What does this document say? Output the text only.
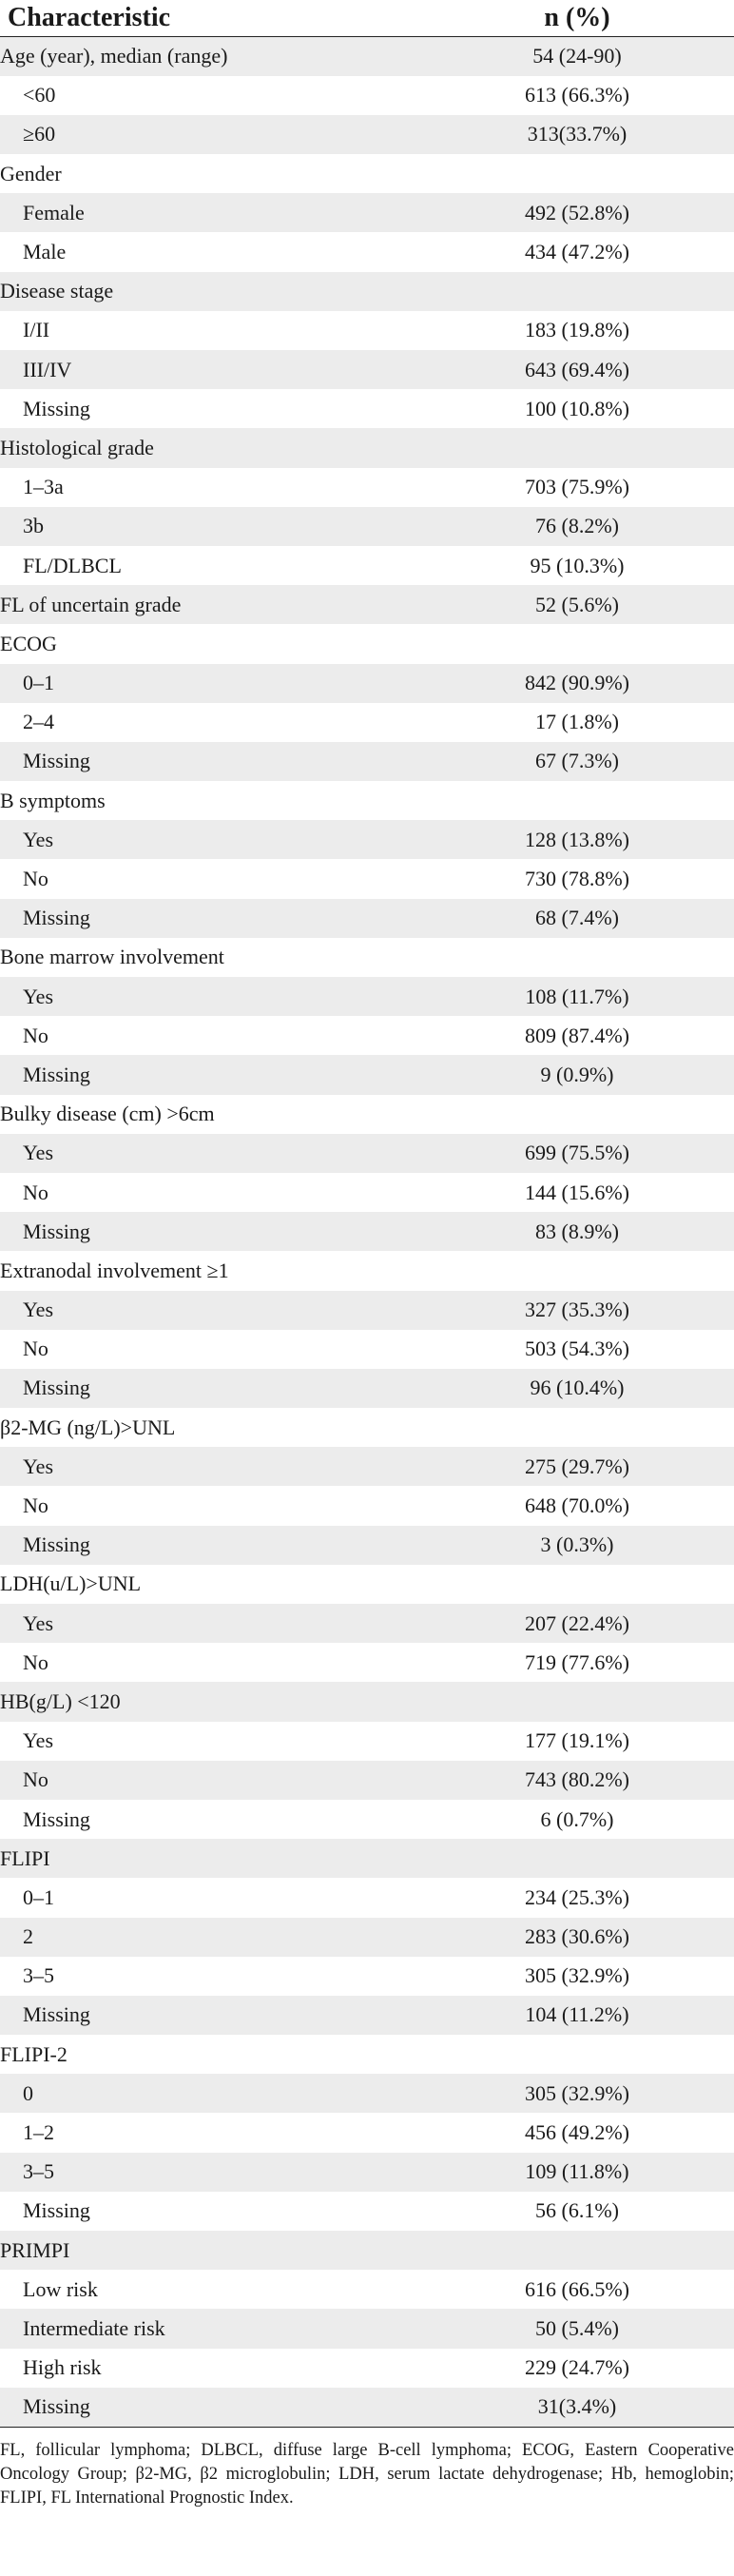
Characteristic	n (%)
Age (year), median (range)	54 (24-90)
<60	613 (66.3%)
≥60	313(33.7%)
Gender	
Female	492 (52.8%)
Male	434 (47.2%)
Disease stage	
I/II	183 (19.8%)
III/IV	643 (69.4%)
Missing	100 (10.8%)
Histological grade	
1–3a	703 (75.9%)
3b	76 (8.2%)
FL/DLBCL	95 (10.3%)
FL of uncertain grade	52 (5.6%)
ECOG	
0–1	842 (90.9%)
2–4	17 (1.8%)
Missing	67 (7.3%)
B symptoms	
Yes	128 (13.8%)
No	730 (78.8%)
Missing	68 (7.4%)
Bone marrow involvement	
Yes	108 (11.7%)
No	809 (87.4%)
Missing	9 (0.9%)
Bulky disease (cm) >6cm	
Yes	699 (75.5%)
No	144 (15.6%)
Missing	83 (8.9%)
Extranodal involvement ≥1	
Yes	327 (35.3%)
No	503 (54.3%)
Missing	96 (10.4%)
β2-MG (ng/L)>UNL	
Yes	275 (29.7%)
No	648 (70.0%)
Missing	3 (0.3%)
LDH(u/L)>UNL	
Yes	207 (22.4%)
No	719 (77.6%)
HB(g/L) <120	
Yes	177 (19.1%)
No	743 (80.2%)
Missing	6 (0.7%)
FLIPI	
0–1	234 (25.3%)
2	283 (30.6%)
3–5	305 (32.9%)
Missing	104 (11.2%)
FLIPI-2	
0	305 (32.9%)
1–2	456 (49.2%)
3–5	109 (11.8%)
Missing	56 (6.1%)
PRIMPI	
Low risk	616 (66.5%)
Intermediate risk	50 (5.4%)
High risk	229 (24.7%)
Missing	31(3.4%)
FL, follicular lymphoma; DLBCL, diffuse large B-cell lymphoma; ECOG, Eastern Cooperative Oncology Group; β2-MG, β2 microglobulin; LDH, serum lactate dehydrogenase; Hb, hemoglobin; FLIPI, FL International Prognostic Index.
